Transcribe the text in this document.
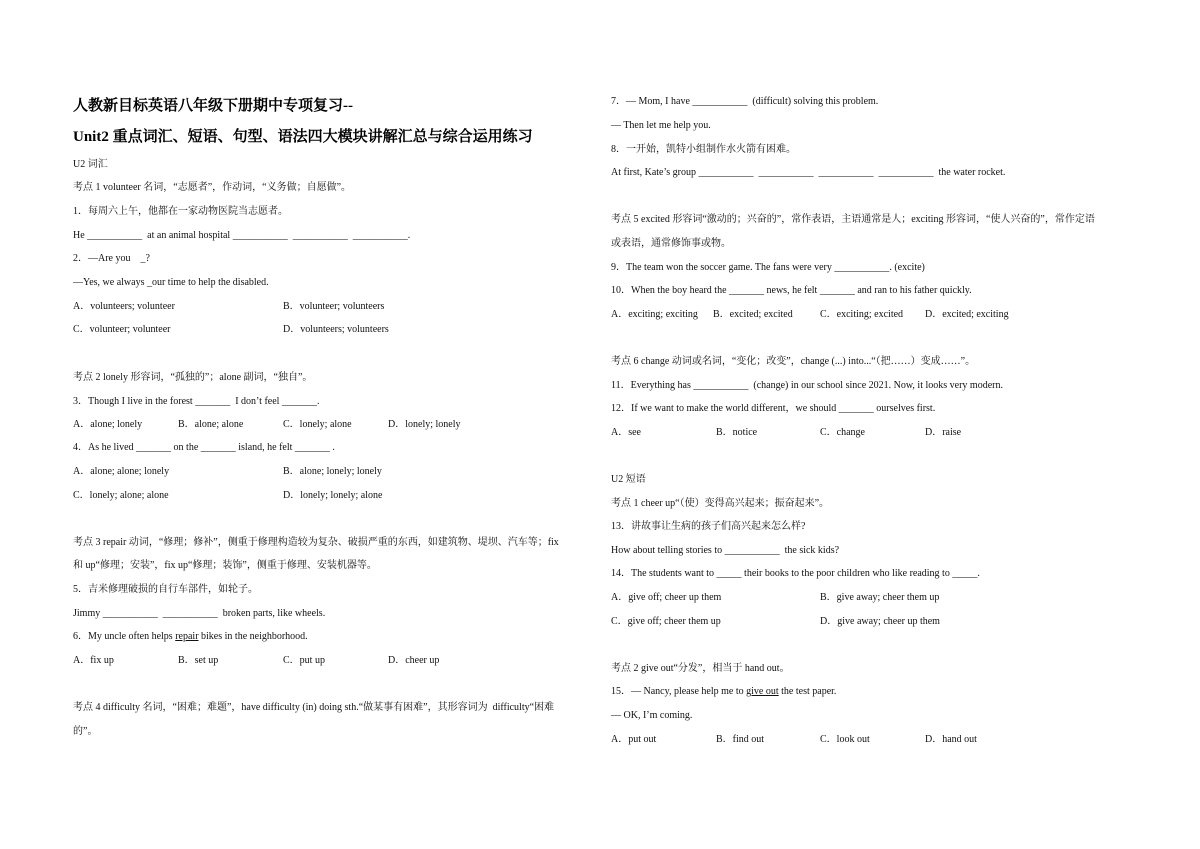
人教新目标英语八年级下册期中专项复习--
Unit2 重点词汇、短语、句型、语法四大模块讲解汇总与综合运用练习
U2 词汇
考点 1 volunteer 名词，“志愿者”，作动词，“义务做；自愿做”。
1．每周六上午，他都在一家动物医院当志愿者。
He ___________  at an animal hospital ___________  ___________  ___________.
2．—Are you    _?
—Yes, we always _our time to help the disabled.
A．volunteers; volunteer	B．volunteer; volunteers
C．volunteer; volunteer	D．volunteers; volunteers
考点 2 lonely 形容词，“孤独的”；alone 副词，“独自”。
3．Though I live in the forest _______  I don’t feel _______.
A．alone; lonely	B．alone; alone	C．lonely; alone	D．lonely; lonely
4．As he lived _______ on the _______ island, he felt _______ .
A．alone; alone; lonely	B．alone; lonely; lonely
C．lonely; alone; alone	D．lonely; lonely; alone
考点 3 repair 动词，“修理；修补”，侧重于修理构造较为复杂、破损严重的东西，如建筑物、堤坝、汽车等；fix
和 up“修理；安装”，fix up“修理；装饰”，侧重于修理、安装机器等。
5．吉米修理破损的自行车部件，如轮子。
Jimmy ___________  ___________  broken parts, like wheels.
6．My uncle often helps repair bikes in the neighborhood.
A．fix up	B．set up	C．put up	D．cheer up
考点 4 difficulty 名词，“困难；难题”，have difficulty (in) doing sth.“做某事有困难”，其形容词为  difficulty“困难
的”。
7．— Mom, I have ___________  (difficult) solving this problem.
— Then let me help you.
8．一开始，凯特小组制作水火箭有困难。
At first, Kate’s group ___________  ___________  ___________  ___________  the water rocket.
考点 5 excited 形容词“激动的；兴奋的”，常作表语，主语通常是人；exciting 形容词，“使人兴奋的”，常作定语
或表语，通常修饰事或物。
9．The team won the soccer game. The fans were very ___________. (excite)
10．When the boy heard the _______ news, he felt _______ and ran to his father quickly.
A．exciting; exciting B．excited; excited	C．exciting; excited D．excited; exciting
考点 6 change 动词或名词，“变化；改变”，change (...) into...“（把……）变成……”。
11．Everything has ___________  (change) in our school since 2021. Now, it looks very modern.
12．If we want to make the world different，we should _______ ourselves first.
A．see	B．notice	C．change	D．raise
U2 短语
考点 1 cheer up“（使）变得高兴起来；振奋起来”。
13．讲故事让生病的孩子们高兴起来怎么样?
How about telling stories to ___________  the sick kids?
14．The students want to _____ their books to the poor children who like reading to _____.
A．give off; cheer up them	B．give away; cheer them up
C．give off; cheer them up	D．give away; cheer up them
考点 2 give out“分发”，相当于 hand out。
15．— Nancy, please help me to give out the test paper.
— OK, I’m coming.
A．put out	B．find out	C．look out	D．hand out
